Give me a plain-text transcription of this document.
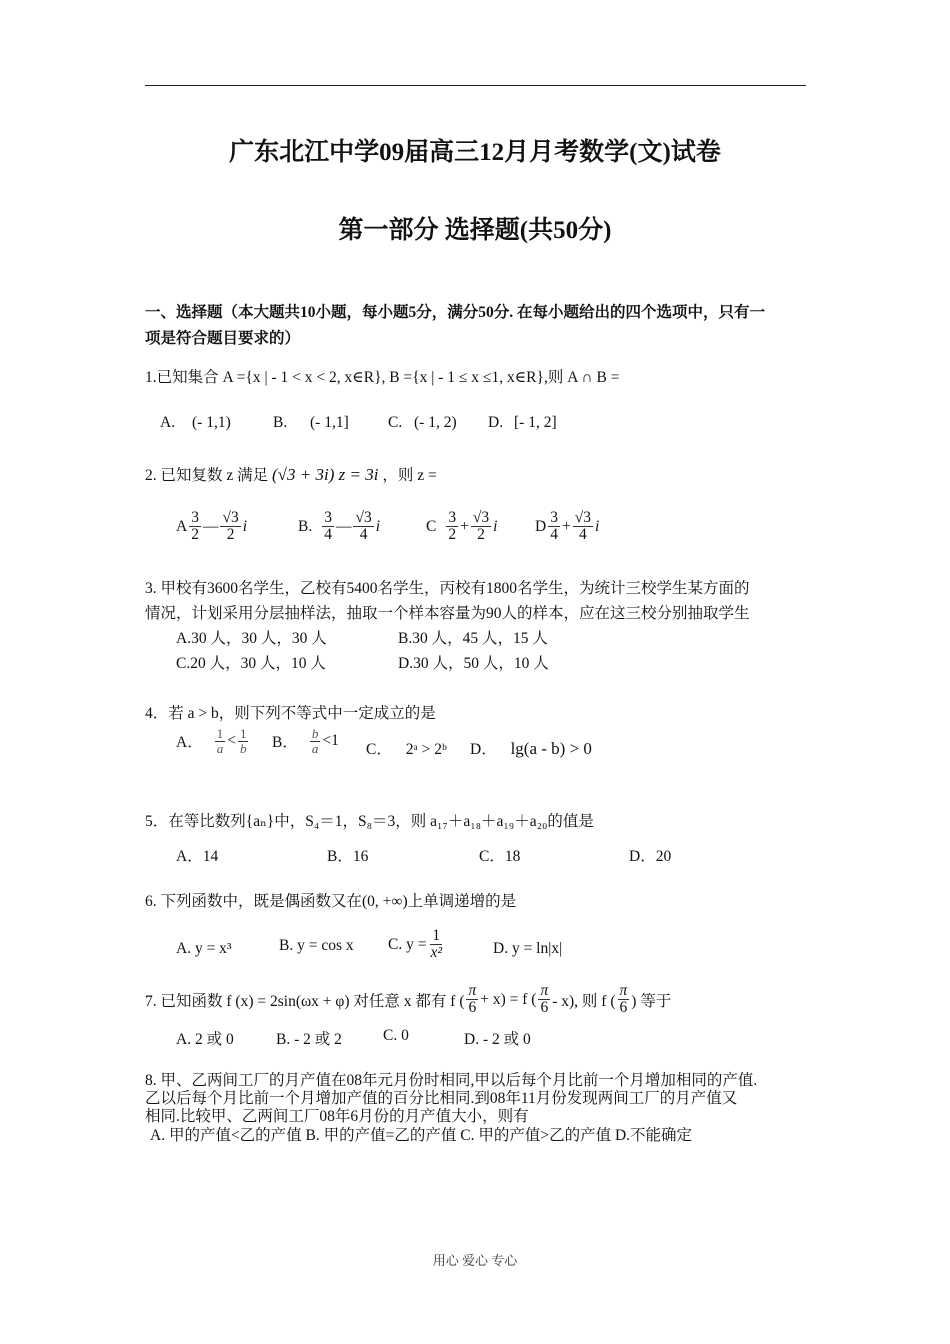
广东北江中学09届高三12月月考数学(文)试卷
第一部分 选择题(共50分)
一、选择题（本大题共10小题，每小题5分，满分50分. 在每小题给出的四个选项中，只有一
项是符合题目要求的）
1.已知集合 A ={x | - 1 < x < 2, x∈R}, B ={x | - 1 ≤ x ≤1, x∈R},则 A ∩ B =
A. (- 1,1)	B. (- 1,1]	C. (- 1, 2) D. [- 1, 2]
2. 已知复数 z 满足 (√3 + 3i) z = 3i ，则 z =
A $\frac{3}{2}$ — $\frac{√3}{2}$ i	B. $\frac{3}{4}$ — $\frac{√3}{4}$ i	C $\frac{3}{2} + \frac{√3}{2}$ i D $\frac{3}{4} + \frac{√3}{4}$ i
3. 甲校有3600名学生，乙校有5400名学生，丙校有1800名学生，为统计三校学生某方面的
情况，计划采用分层抽样法，抽取一个样本容量为90人的样本，应在这三校分别抽取学生
A.30 人，30 人，30 人	B.30 人，45 人，15 人
C.20 人，30 人，10 人	D.30 人，50 人，10 人
4．若 a > b，则下列不等式中一定成立的是
A． $\frac{1}{a} < \frac{1}{b}$ B． $\frac{b}{a} <1$
C． 2ᵃ > 2ᵇ D． lg(a - b) > 0
5．在等比数列{aₙ}中，S₄＝1，S₈＝3，则 a₁₇＋a₁₈＋a₁₉＋a₂₀的值是
A．14	B．16	C．18	D．20
6. 下列函数中，既是偶函数又在(0, +∞)上单调递增的是
A. y = x³	B. y = cos x C. $y = \frac{1}{\text{x²}}$	D. y = ln|x|
7. 已知函数 f (x) = 2sin(ωx + φ) 对任意 x 都有 f ( $\frac{\pi}{6} + x) = f$ ( $\frac{\pi}{6} - x$), 则 f ( $\frac{\pi}{6}$ ) 等于
A. 2 或 0	B. - 2 或 2	C. 0	D. - 2 或 0
8. 甲、乙两间工厂的月产值在08年元月份时相同,甲以后每个月比前一个月增加相同的产值.
乙以后每个月比前一个月增加产值的百分比相同.到08年11月份发现两间工厂的月产值又
相同.比较甲、乙两间工厂08年6月份的月产值大小，则有
A. 甲的产值<乙的产值 B. 甲的产值=乙的产值 C. 甲的产值>乙的产值 D.不能确定
用心 爱心 专心
